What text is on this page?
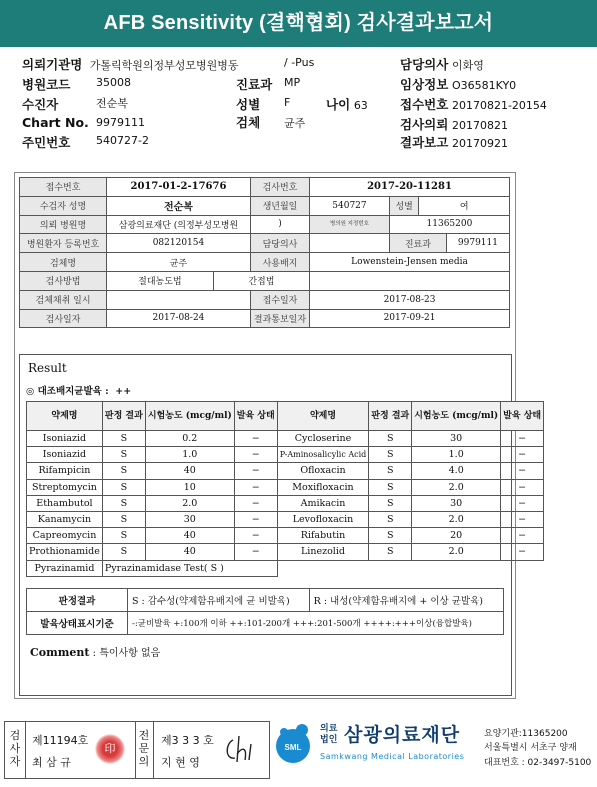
AFB Sensitivity (결핵협회) 검사결과보고서
의뢰기관명 가톨릭학원의정부성모병원병동	/ -Pus	담당의사 이화영
병원코드 35008	진료과 MP	임상정보 O36581KY0
수진자	전순복	성별 F	나이 63	접수번호 20170821-20154
Chart No. 9979111	검체 균주	검사의뢰 20170821
주민번호 540727-2	결과보고 20170921
접수번호	2017-01-2-17676		검사번호	2017-20-11281			
수검자 성명	전순복		생년월일	540727	성별	여	
의뢰 병원명	삼광의료재단 (의정부성모병원		)	병의원 지정번호	11365200		
병원환자 등록번호	082120154		담당의사		진료과		9979111
검체명	균주		사용배지	Lowenstein-Jensen media			
검사방법	절대농도법	간접법					
검체채취 일시			접수일자	2017-08-23			
검사일자	2017-08-24		결과통보일자	2017-09-21			
Result
◎ 대조배지균발육 : ++
약제명	판정 결과	시험농도 (mcg/ml)	발육 상태	약제명	판정 결과	시험농도 (mcg/ml)	발육 상태
Isoniazid	S	0.2	−	Cycloserine	S	30	−
Isoniazid	S	1.0	−	P-Aminosalicylic Acid	S	1.0	−
Rifampicin	S	40	−	Ofloxacin	S	4.0	−
Streptomycin	S	10	−	Moxifloxacin	S	2.0	−
Ethambutol	S	2.0	−	Amikacin	S	30	−
Kanamycin	S	30	−	Levofloxacin	S	2.0	−
Capreomycin	S	40	−	Rifabutin	S	20	−
Prothionamide	S	40	−	Linezolid	S	2.0	−
Pyrazinamid	Pyrazinamidase Test( S )						
판정결과	S : 감수성(약제함유배지에 균 비발육)	R : 내성(약제함유배지에 + 이상 균발육)
발육상태표시기준	-:균비발육 +:100개 이하 ++:101-200개 +++:201-500개 ++++:+++이상(융합발육)	
Comment : 특이사항 없음
검
사
자
제11194호
최 삼 규
印
전
문
의
제3 3 3 호
지 현 영
SML
의료
법인 삼광의료재단
Samkwang Medical Laboratories
요양기관:11365200
서울특별시 서초구 양재
대표번호 : 02-3497-5100
